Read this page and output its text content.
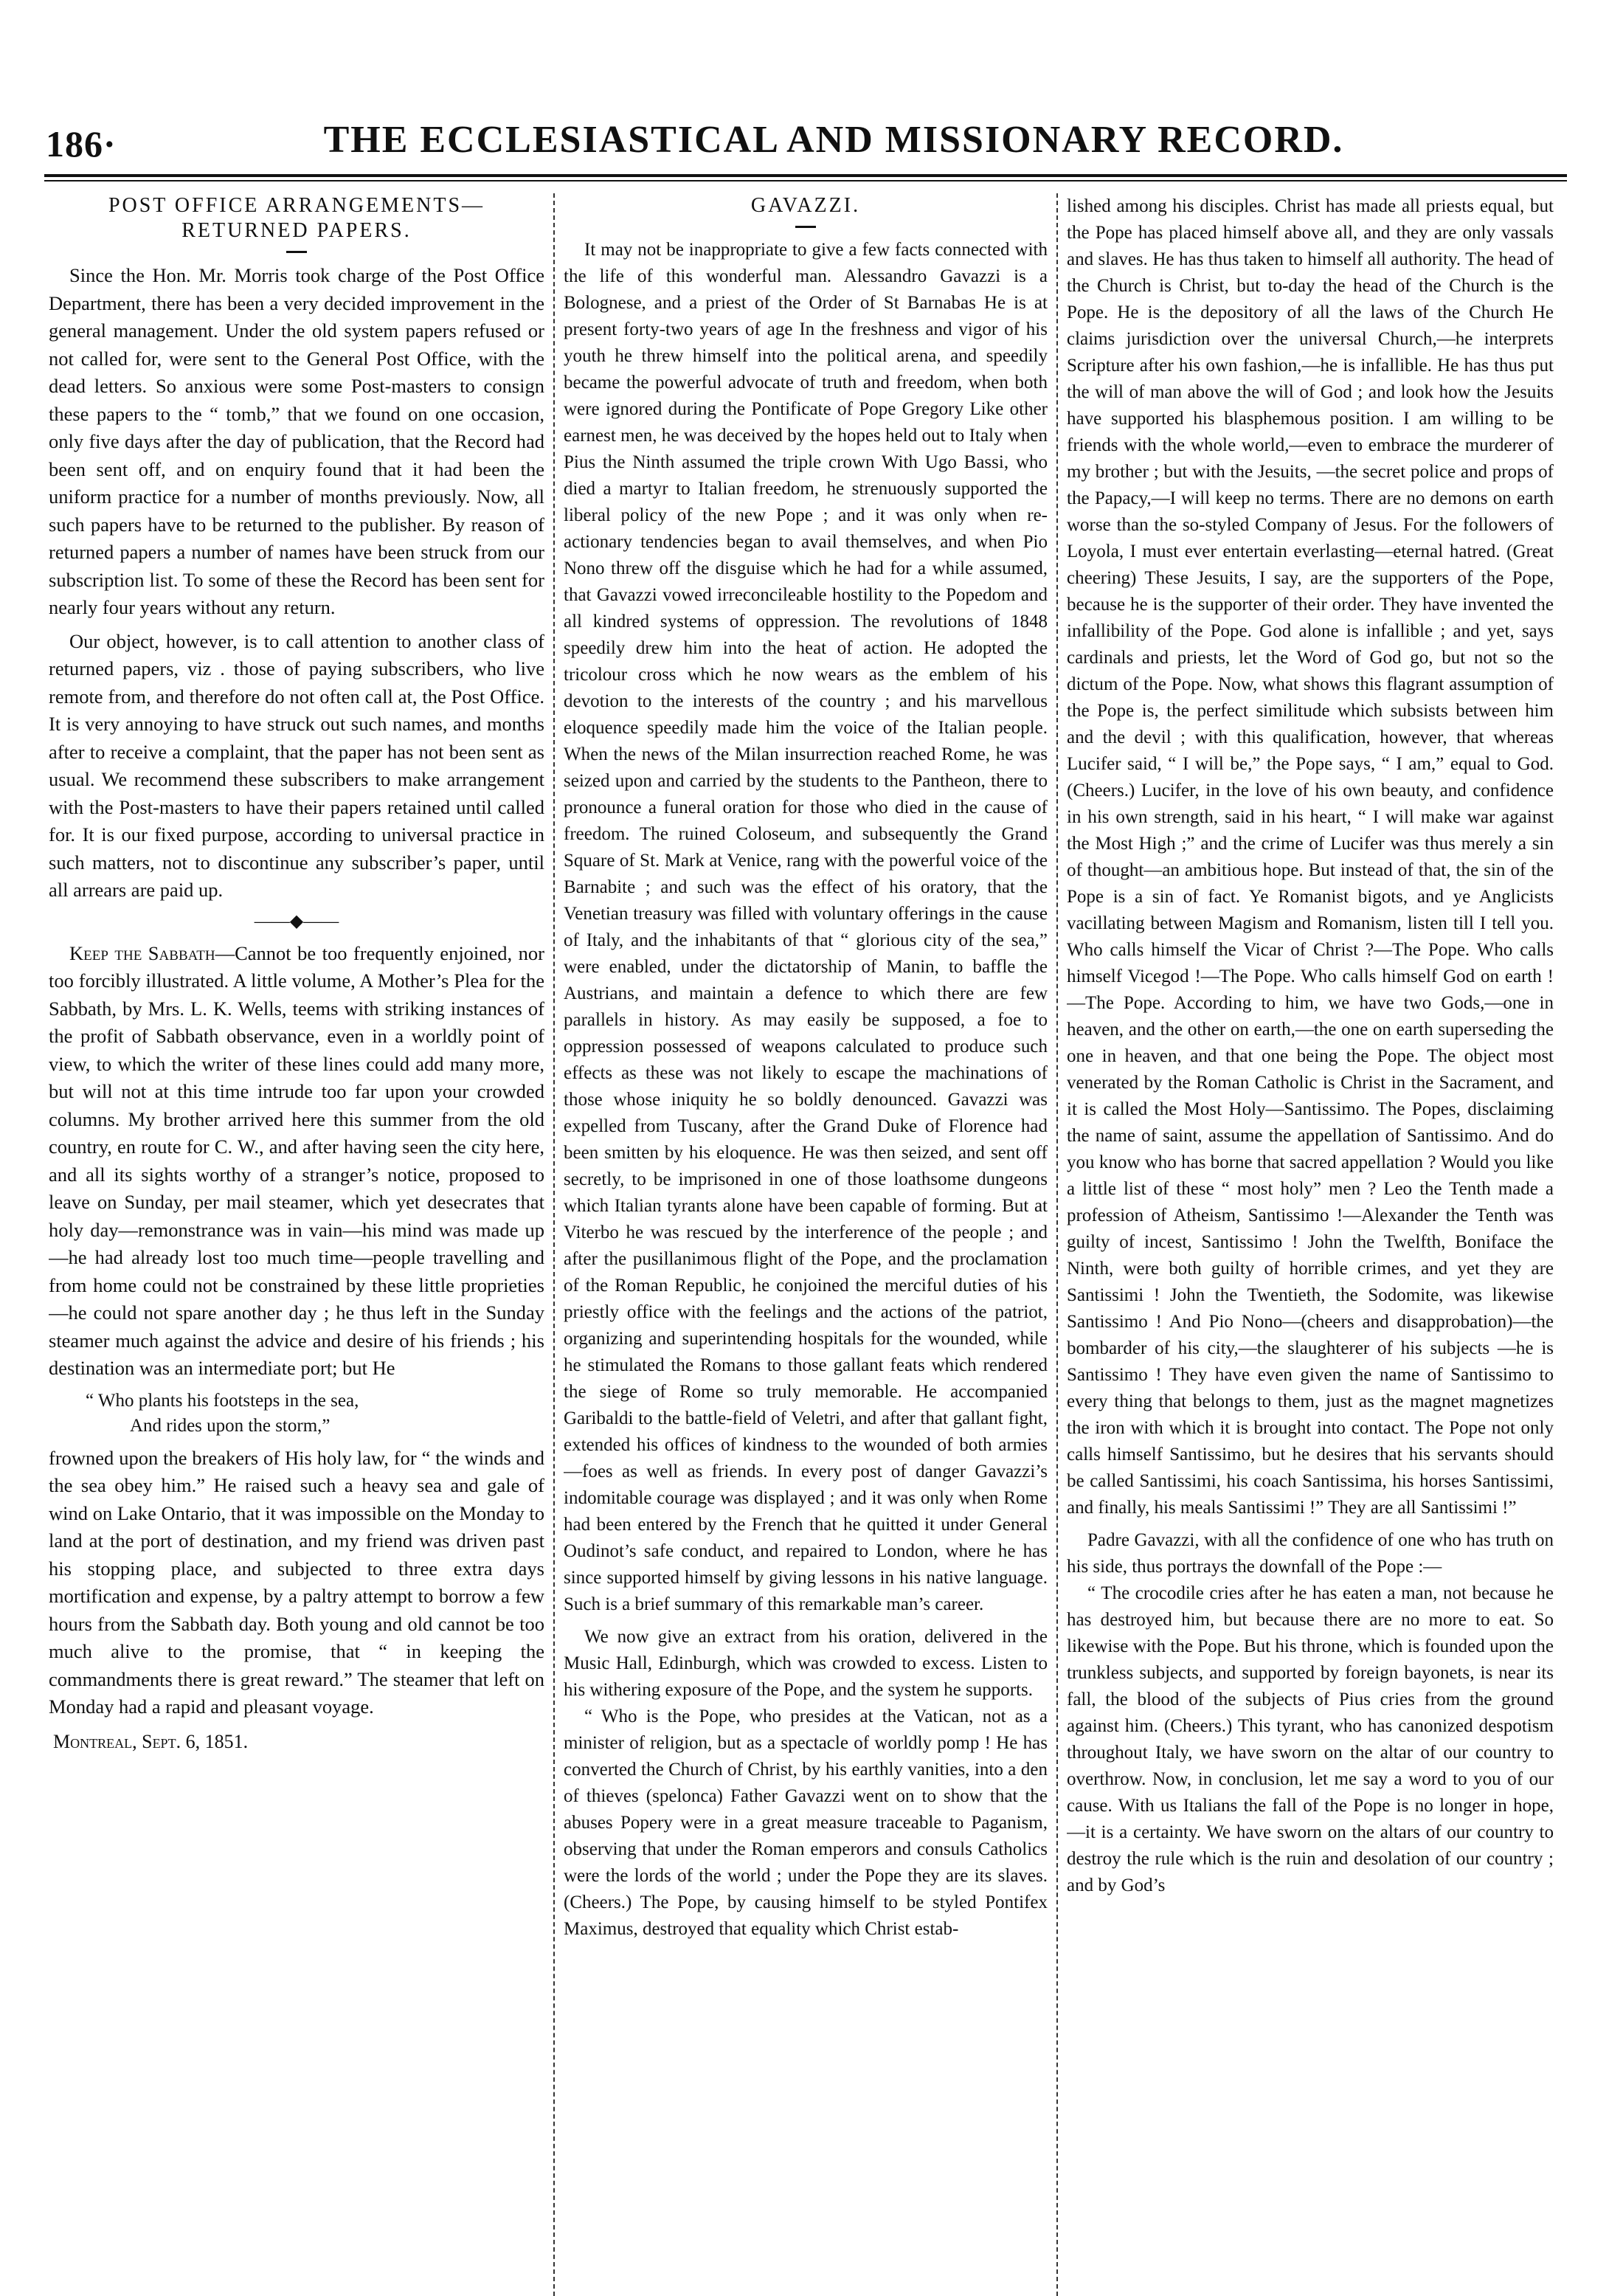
186·	THE ECCLESIASTICAL AND MISSIONARY RECORD.
POST OFFICE ARRANGEMENTS—
RETURNED PAPERS.

Since the Hon. Mr. Morris took charge of the Post Office Department, there has been a very decided improvement in the general management. Under the old system papers refused or not called for, were sent to the General Post Office, with the dead letters. So anxious were some Post-masters to consign these papers to the “ tomb,” that we found on one occasion, only five days after the day of publication, that the Record had been sent off, and on enquiry found that it had been the uniform practice for a number of months previously. Now, all such papers have to be returned to the publisher. By reason of returned papers a number of names have been struck from our subscription list. To some of these the Record has been sent for nearly four years without any return.

Our object, however, is to call attention to another class of returned papers, viz . those of paying subscribers, who live remote from, and therefore do not often call at, the Post Office. It is very annoying to have struck out such names, and months after to receive a complaint, that the paper has not been sent as usual. We recommend these subscribers to make arrangement with the Post-masters to have their papers retained until called for. It is our fixed purpose, according to universal practice in such matters, not to discontinue any subscriber’s paper, until all arrears are paid up.

——◆——

Keep the Sabbath—Cannot be too frequently enjoined, nor too forcibly illustrated. A little volume, A Mother’s Plea for the Sabbath, by Mrs. L. K. Wells, teems with striking instances of the profit of Sabbath observance, even in a worldly point of view, to which the writer of these lines could add many more, but will not at this time intrude too far upon your crowded columns. My brother arrived here this summer from the old country, en route for C. W., and after having seen the city here, and all its sights worthy of a stranger’s notice, proposed to leave on Sunday, per mail steamer, which yet desecrates that holy day—remonstrance was in vain—his mind was made up—he had already lost too much time—people travelling and from home could not be constrained by these little proprieties—he could not spare another day ; he thus left in the Sunday steamer much against the advice and desire of his friends ; his destination was an intermediate port; but He

“ Who plants his footsteps in the sea,
And rides upon the storm,”

frowned upon the breakers of His holy law, for “ the winds and the sea obey him.” He raised such a heavy sea and gale of wind on Lake Ontario, that it was impossible on the Monday to land at the port of destination, and my friend was driven past his stopping place, and subjected to three extra days mortification and expense, by a paltry attempt to borrow a few hours from the Sabbath day. Both young and old cannot be too much alive to the promise, that “ in keeping the commandments there is great reward.” The steamer that left on Monday had a rapid and pleasant voyage.

Montreal, Sept. 6, 1851.
GAVAZZI.

It may not be inappropriate to give a few facts connected with the life of this wonderful man. Alessandro Gavazzi is a Bolognese, and a priest of the Order of St Barnabas He is at present forty-two years of age In the freshness and vigor of his youth he threw himself into the political arena, and speedily became the powerful advocate of truth and freedom, when both were ignored during the Pontificate of Pope Gregory Like other earnest men, he was deceived by the hopes held out to Italy when Pius the Ninth assumed the triple crown With Ugo Bassi, who died a martyr to Italian freedom, he strenuously supported the liberal policy of the new Pope ; and it was only when re-actionary tendencies began to avail themselves, and when Pio Nono threw off the disguise which he had for a while assumed, that Gavazzi vowed irreconcileable hostility to the Popedom and all kindred systems of oppression. The revolutions of 1848 speedily drew him into the heat of action. He adopted the tricolour cross which he now wears as the emblem of his devotion to the interests of the country ; and his marvellous eloquence speedily made him the voice of the Italian people. When the news of the Milan insurrection reached Rome, he was seized upon and carried by the students to the Pantheon, there to pronounce a funeral oration for those who died in the cause of freedom. The ruined Coloseum, and subsequently the Grand Square of St. Mark at Venice, rang with the powerful voice of the Barnabite ; and such was the effect of his oratory, that the Venetian treasury was filled with voluntary offerings in the cause of Italy, and the inhabitants of that “ glorious city of the sea,” were enabled, under the dictatorship of Manin, to baffle the Austrians, and maintain a defence to which there are few parallels in history. As may easily be supposed, a foe to oppression possessed of weapons calculated to produce such effects as these was not likely to escape the machinations of those whose iniquity he so boldly denounced. Gavazzi was expelled from Tuscany, after the Grand Duke of Florence had been smitten by his eloquence. He was then seized, and sent off secretly, to be imprisoned in one of those loathsome dungeons which Italian tyrants alone have been capable of forming. But at Viterbo he was rescued by the interference of the people ; and after the pusillanimous flight of the Pope, and the proclamation of the Roman Republic, he conjoined the merciful duties of his priestly office with the feelings and the actions of the patriot, organizing and superintending hospitals for the wounded, while he stimulated the Romans to those gallant feats which rendered the siege of Rome so truly memorable. He accompanied Garibaldi to the battle-field of Veletri, and after that gallant fight, extended his offices of kindness to the wounded of both armies —foes as well as friends. In every post of danger Gavazzi’s indomitable courage was displayed ; and it was only when Rome had been entered by the French that he quitted it under General Oudinot’s safe conduct, and repaired to London, where he has since supported himself by giving lessons in his native language. Such is a brief summary of this remarkable man’s career.

We now give an extract from his oration, delivered in the Music Hall, Edinburgh, which was crowded to excess. Listen to his withering exposure of the Pope, and the system he supports.

“ Who is the Pope, who presides at the Vatican, not as a minister of religion, but as a spectacle of worldly pomp ! He has converted the Church of Christ, by his earthly vanities, into a den of thieves (spelonca) Father Gavazzi went on to show that the abuses Popery were in a great measure traceable to Paganism, observing that under the Roman emperors and consuls Catholics were the lords of the world ; under the Pope they are its slaves. (Cheers.) The Pope, by causing himself to be styled Pontifex Maximus, destroyed that equality which Christ estab-

lished among his disciples. Christ has made all priests equal, but the Pope has placed himself above all, and they are only vassals and slaves. He has thus taken to himself all authority. The head of the Church is Christ, but to-day the head of the Church is the Pope. He is the depository of all the laws of the Church He claims jurisdiction over the universal Church,—he interprets Scripture after his own fashion,—he is infallible. He has thus put the will of man above the will of God ; and look how the Jesuits have supported his blasphemous position. I am willing to be friends with the whole world,—even to embrace the murderer of my brother ; but with the Jesuits, —the secret police and props of the Papacy,—I will keep no terms. There are no demons on earth worse than the so-styled Company of Jesus. For the followers of Loyola, I must ever entertain everlasting—eternal hatred. (Great cheering) These Jesuits, I say, are the supporters of the Pope, because he is the supporter of their order. They have invented the infallibility of the Pope. God alone is infallible ; and yet, says cardinals and priests, let the Word of God go, but not so the dictum of the Pope. Now, what shows this flagrant assumption of the Pope is, the perfect similitude which subsists between him and the devil ; with this qualification, however, that whereas Lucifer said, “ I will be,” the Pope says, “ I am,” equal to God. (Cheers.) Lucifer, in the love of his own beauty, and confidence in his own strength, said in his heart, “ I will make war against the Most High ;” and the crime of Lucifer was thus merely a sin of thought—an ambitious hope. But instead of that, the sin of the Pope is a sin of fact. Ye Romanist bigots, and ye Anglicists vacillating between Magism and Romanism, listen till I tell you. Who calls himself the Vicar of Christ ?—The Pope. Who calls himself Vicegod !—The Pope. Who calls himself God on earth !—The Pope. According to him, we have two Gods,—one in heaven, and the other on earth,—the one on earth superseding the one in heaven, and that one being the Pope. The object most venerated by the Roman Catholic is Christ in the Sacrament, and it is called the Most Holy—Santissimo. The Popes, disclaiming the name of saint, assume the appellation of Santissimo. And do you know who has borne that sacred appellation ? Would you like a little list of these “ most holy” men ? Leo the Tenth made a profession of Atheism, Santissimo !—Alexander the Tenth was guilty of incest, Santissimo ! John the Twelfth, Boniface the Ninth, were both guilty of horrible crimes, and yet they are Santissimi ! John the Twentieth, the Sodomite, was likewise Santissimo ! And Pio Nono—(cheers and disapprobation)—the bombarder of his city,—the slaughterer of his subjects —he is Santissimo ! They have even given the name of Santissimo to every thing that belongs to them, just as the magnet magnetizes the iron with which it is brought into contact. The Pope not only calls himself Santissimo, but he desires that his servants should be called Santissimi, his coach Santissima, his horses Santissimi, and finally, his meals Santissimi !” They are all Santissimi !”

Padre Gavazzi, with all the confidence of one who has truth on his side, thus portrays the downfall of the Pope :—

“ The crocodile cries after he has eaten a man, not because he has destroyed him, but because there are no more to eat. So likewise with the Pope. But his throne, which is founded upon the trunkless subjects, and supported by foreign bayonets, is near its fall, the blood of the subjects of Pius cries from the ground against him. (Cheers.) This tyrant, who has canonized despotism throughout Italy, we have sworn on the altar of our country to overthrow. Now, in conclusion, let me say a word to you of our cause. With us Italians the fall of the Pope is no longer in hope, —it is a certainty. We have sworn on the altars of our country to destroy the rule which is the ruin and desolation of our country ; and by God’s
